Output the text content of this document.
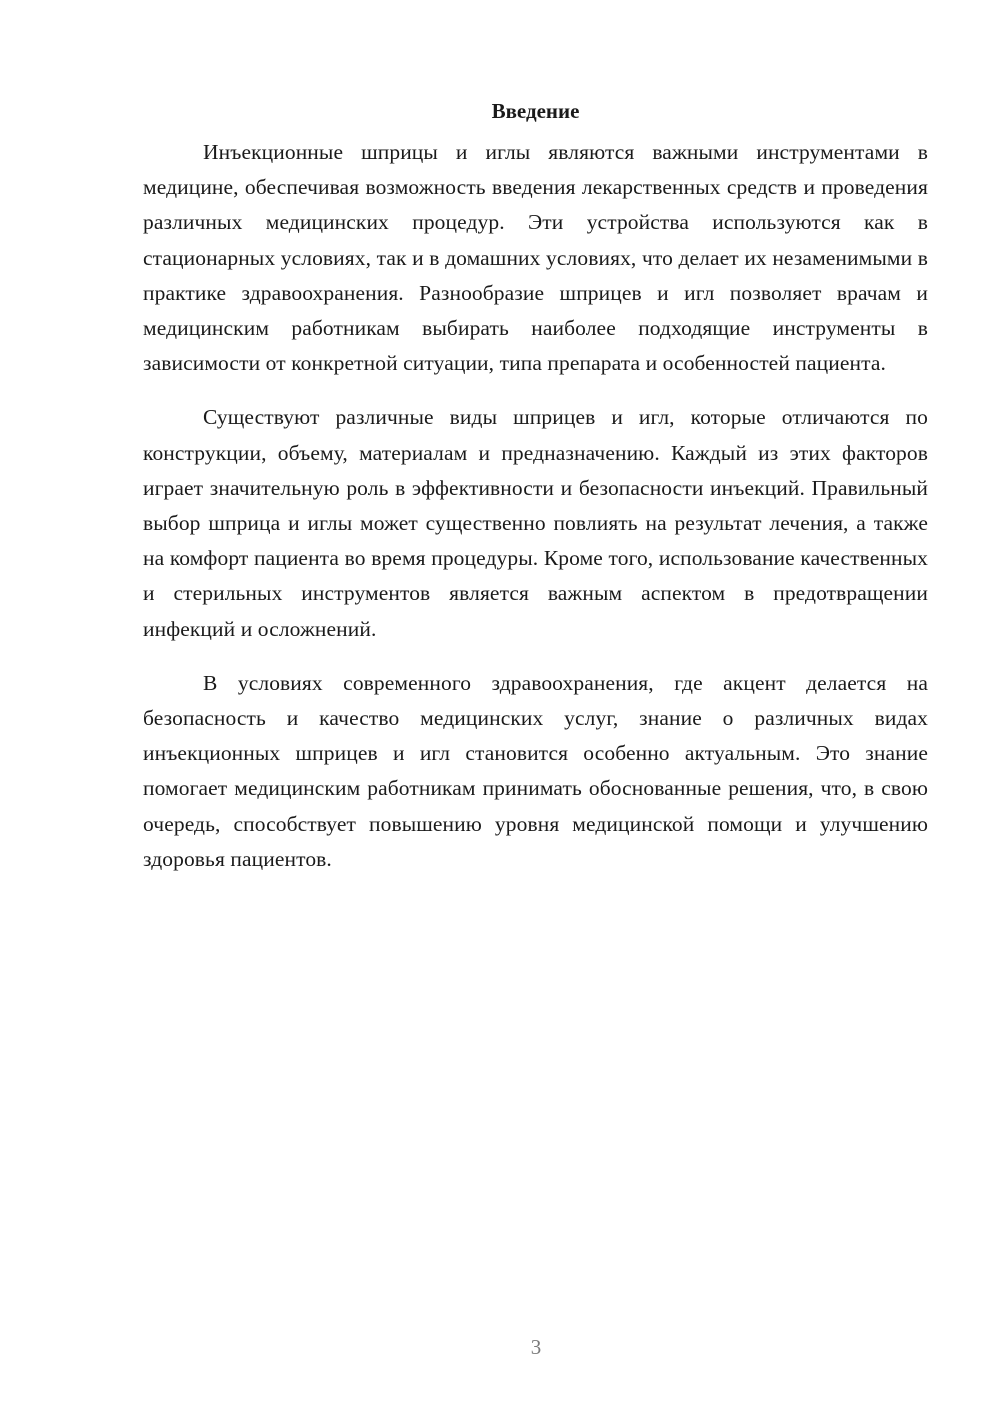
Введение

Инъекционные шприцы и иглы являются важными инструментами в медицине, обеспечивая возможность введения лекарственных средств и проведения различных медицинских процедур. Эти устройства используются как в стационарных условиях, так и в домашних условиях, что делает их незаменимыми в практике здравоохранения. Разнообразие шприцев и игл позволяет врачам и медицинским работникам выбирать наиболее подходящие инструменты в зависимости от конкретной ситуации, типа препарата и особенностей пациента.

Существуют различные виды шприцев и игл, которые отличаются по конструкции, объему, материалам и предназначению. Каждый из этих факторов играет значительную роль в эффективности и безопасности инъекций. Правильный выбор шприца и иглы может существенно повлиять на результат лечения, а также на комфорт пациента во время процедуры. Кроме того, использование качественных и стерильных инструментов является важным аспектом в предотвращении инфекций и осложнений.

В условиях современного здравоохранения, где акцент делается на безопасность и качество медицинских услуг, знание о различных видах инъекционных шприцев и игл становится особенно актуальным. Это знание помогает медицинским работникам принимать обоснованные решения, что, в свою очередь, способствует повышению уровня медицинской помощи и улучшению здоровья пациентов.

3
